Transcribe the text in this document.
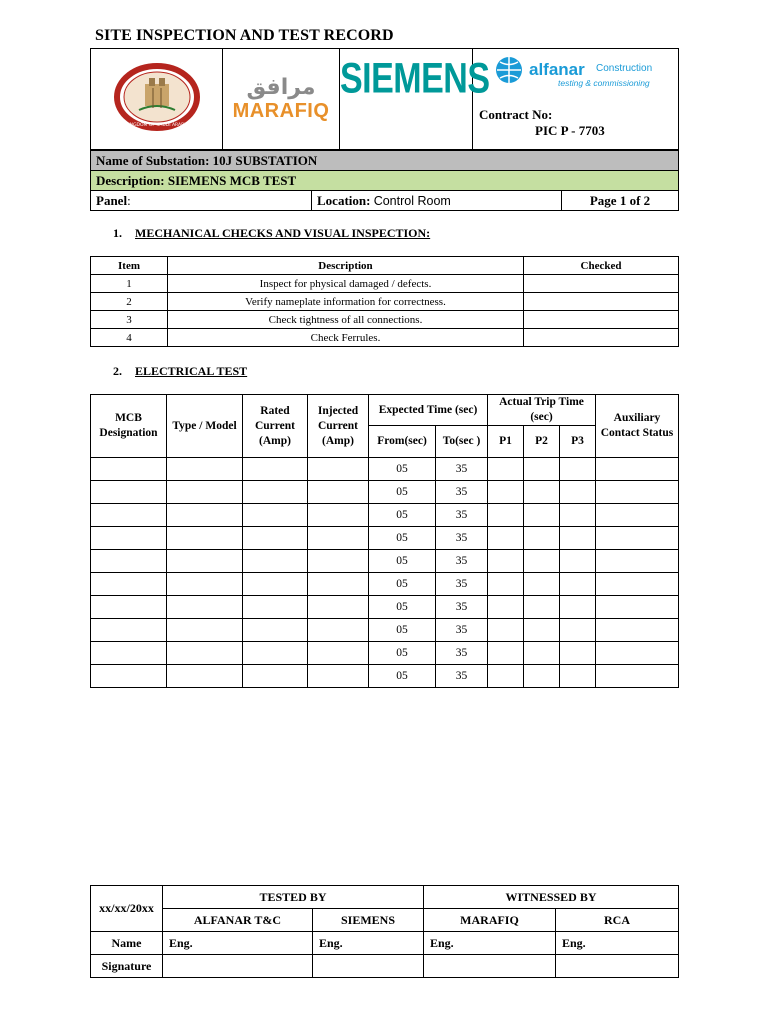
SITE INSPECTION AND TEST RECORD
KINGDOM OF SAUDI ARABIA

مرافق
MARAFIQ

SIEMENS	alfanar Construction
testing & commissioning
Contract No:
PIC P - 7703
Name of Substation: 10J SUBSTATION
Description: SIEMENS MCB TEST
Panel:	Location: Control Room	Page 1 of 2
1. MECHANICAL CHECKS AND VISUAL INSPECTION:
Item	Description	Checked
1	Inspect for physical damaged / defects.	
2	Verify nameplate information for correctness.	
3	Check tightness of all connections.	
4	Check Ferrules.	
2. ELECTRICAL TEST
MCB Designation	Type / Model	Rated Current (Amp)	Injected Current (Amp)	Expected Time (sec)		Actual Trip Time (sec)			Auxiliary Contact Status
				From(sec)	To(sec )	P1	P2	P3	
				05	35				
				05	35				
				05	35				
				05	35				
				05	35				
				05	35				
				05	35				
				05	35				
				05	35				
				05	35				
xx/xx/20xx	TESTED BY		WITNESSED BY	
	ALFANAR T&C	SIEMENS	MARAFIQ	RCA
Name	Eng.	Eng.	Eng.	Eng.
Signature				
